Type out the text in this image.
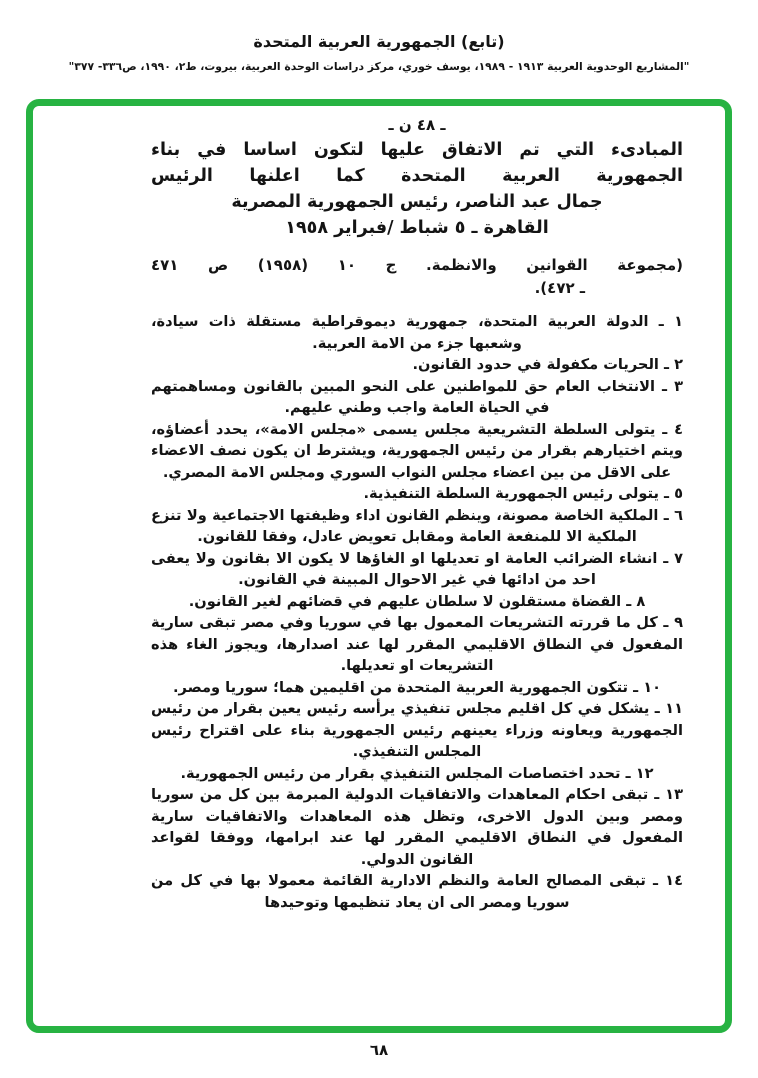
(تابع) الجمهورية العربية المتحدة
"المشاريع الوحدوية العربية ١٩١٣ - ١٩٨٩، يوسف خوري، مركز دراسات الوحدة العربية، بيروت، ط٢، ١٩٩٠، ص٣٣٦- ٣٧٧"
ـ ٤٨ ن ـ
المبادىء التي تم الاتفاق عليها لتكون اساسا في بناء
الجمهورية العربية المتحدة كما اعلنها الرئيس
جمال عبد الناصر، رئيس الجمهورية المصرية
القاهرة ـ ٥ شباط /فبراير ١٩٥٨
(مجموعة القوانين والانظمة. ج ١٠ (١٩٥٨) ص ٤٧١
ـ ٤٧٢).
١ ـ الدولة العربية المتحدة، جمهورية ديموقراطية مستقلة ذات سيادة، وشعبها جزء من الامة العربية.
٢ ـ الحريات مكفولة في حدود القانون.
٣ ـ الانتخاب العام حق للمواطنين على النحو المبين بالقانون ومساهمتهم في الحياة العامة واجب وطني عليهم.
٤ ـ يتولى السلطة التشريعية مجلس يسمى «مجلس الامة»، يحدد أعضاؤه، ويتم اختيارهم بقرار من رئيس الجمهورية، ويشترط ان يكون نصف الاعضاء على الاقل من بين اعضاء مجلس النواب السوري ومجلس الامة المصري.
٥ ـ يتولى رئيس الجمهورية السلطة التنفيذية.
٦ ـ الملكية الخاصة مصونة، وينظم القانون اداء وظيفتها الاجتماعية ولا تنزع الملكية الا للمنفعة العامة ومقابل تعويض عادل، وفقا للقانون.
٧ ـ انشاء الضرائب العامة او تعديلها او الغاؤها لا يكون الا بقانون ولا يعفى احد من ادائها في غير الاحوال المبينة في القانون.
٨ ـ القضاة مستقلون لا سلطان عليهم في قضائهم لغير القانون.
٩ ـ كل ما قررته التشريعات المعمول بها في سوريا وفي مصر تبقى سارية المفعول في النطاق الاقليمي المقرر لها عند اصدارها، ويجوز الغاء هذه التشريعات او تعديلها.
١٠ ـ تتكون الجمهورية العربية المتحدة من اقليمين هما؛ سوريا ومصر.
١١ ـ يشكل في كل اقليم مجلس تنفيذي يرأسه رئيس يعين بقرار من رئيس الجمهورية ويعاونه وزراء يعينهم رئيس الجمهورية بناء على اقتراح رئيس المجلس التنفيذي.
١٢ ـ تحدد اختصاصات المجلس التنفيذي بقرار من رئيس الجمهورية.
١٣ ـ تبقى احكام المعاهدات والاتفاقيات الدولية المبرمة بين كل من سوريا ومصر وبين الدول الاخرى، وتظل هذه المعاهدات والاتفاقيات سارية المفعول في النطاق الاقليمي المقرر لها عند ابرامها، ووفقا لقواعد القانون الدولي.
١٤ ـ تبقى المصالح العامة والنظم الادارية القائمة معمولا بها في كل من سوريا ومصر الى ان يعاد تنظيمها وتوحيدها
٦٨
